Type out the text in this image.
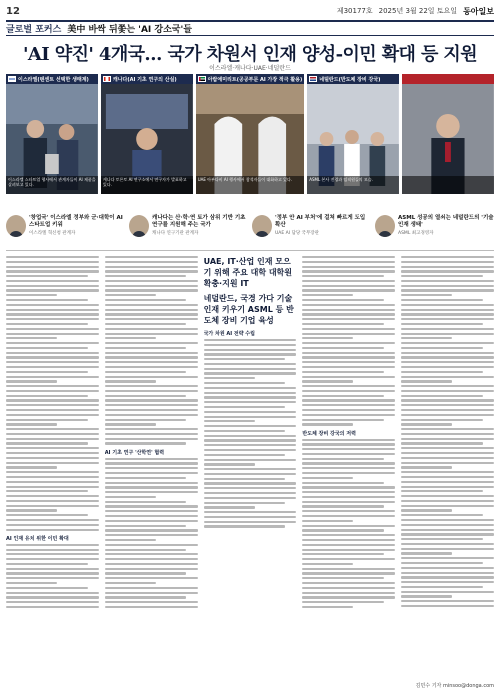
12	제30177호 2025년 3월 22일 토요일 동아일보
글로벌 포커스 美中 바싹 뒤쫓는 'AI 강소국'들
'AI 약진' 4개국… 국가 차원서 인재 양성-이민 확대 등 지원
이스라엘·캐나다·UAE·네덜란드
이스라엘(텐센트 선택한 생태계)
이스라엘 스타트업 행사에서 관계자들이 AI 제품을 살펴보고 있다.
캐나다(AI 기초 연구의 산실)
캐나다 토론토 AI 연구소에서 연구자가 발표하고 있다.
아랍에미리트(공공부문 AI 가장 적극 활용)
UAE 아부다비 AI 행사에서 참석자들이 대화하고 있다.
네덜란드(반도체 장비 강국)
ASML 본사 전경과 임직원들의 모습.
'창업국' 이스라엘 정부와 군·대학이 AI 스타트업 키워
이스라엘 혁신청 관계자
캐나다는 산·학·연 토가 삼위 기반 기초연구를 지원해 주는 국가
캐나다 연구기관 관계자
'정부 안 AI 부처'에 걸쳐 빠르게 도입 확산
UAE AI 담당 국무장관
ASML 성공의 열쇠는 네덜란드의 '기술인재 생태'
ASML 최고경영자
AI 인재 유치 위한 이민 확대
AI 기초 연구 '산학연' 협력
UAE, IT·산업 인재 모으기 위해 주요 대학 대학원 확충·지원 IT
네덜란드, 국경 가다 기술 인재 키우기 ASML 등 반도체 장비 기업 육성
국가 차원 AI 전략 수립
반도체 장비 강국의 저력
김민수 기자 minsoo@donga.com
